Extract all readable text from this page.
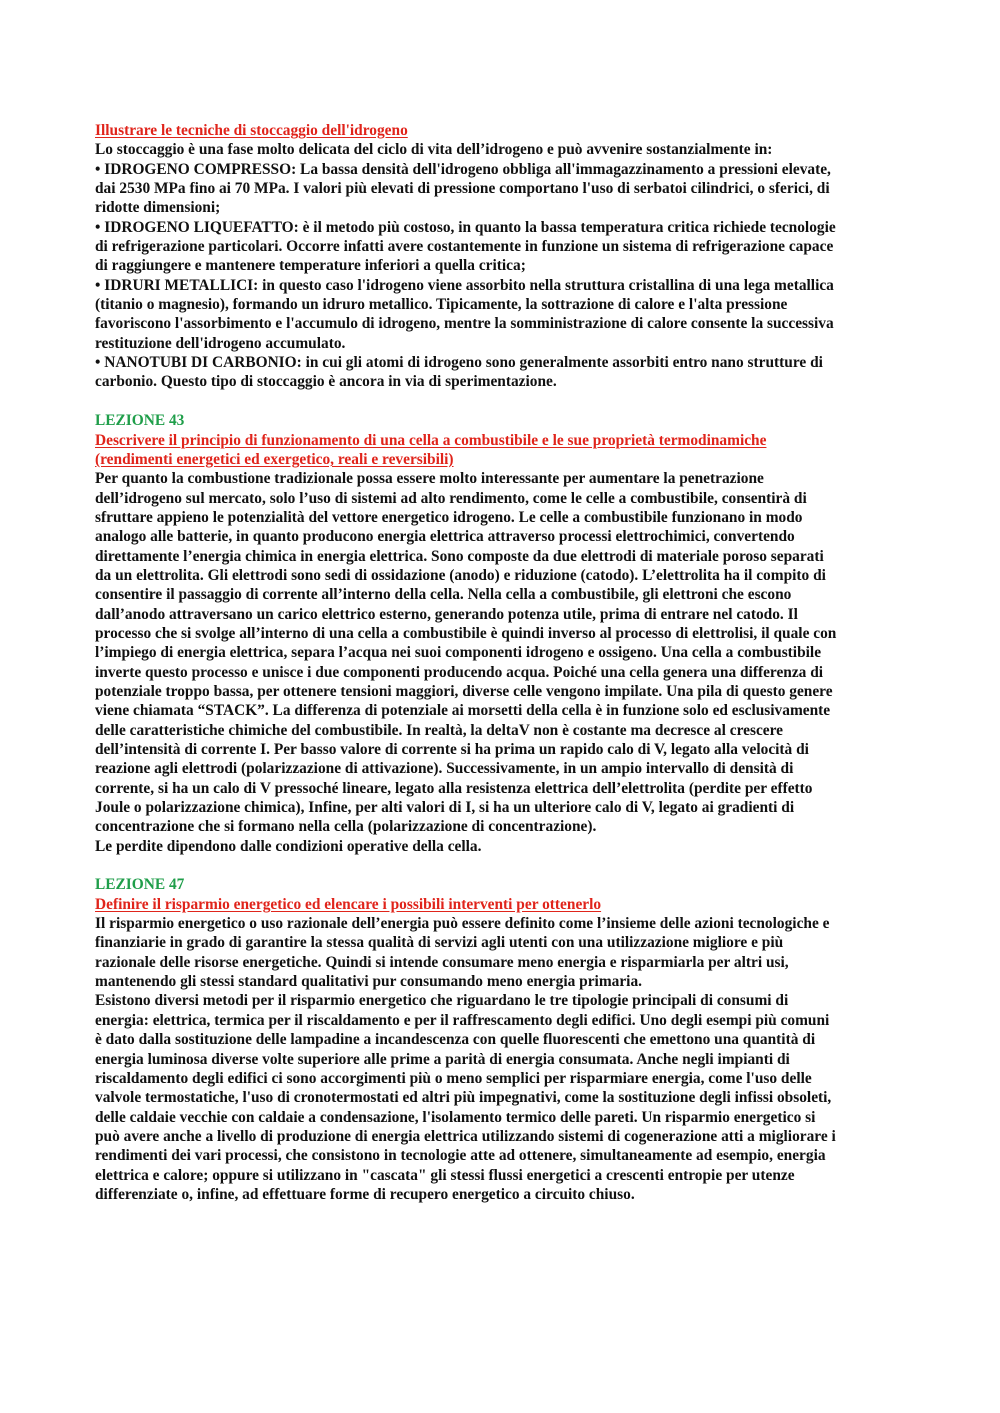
Illustrare le tecniche di stoccaggio dell'idrogeno
Lo stoccaggio è una fase molto delicata del ciclo di vita dell’idrogeno e può avvenire sostanzialmente in:
• IDROGENO COMPRESSO: La bassa densità dell'idrogeno obbliga all'immagazzinamento a pressioni elevate,
dai 2530 MPa fino ai 70 MPa. I valori più elevati di pressione comportano l'uso di serbatoi cilindrici, o sferici, di
ridotte dimensioni;
• IDROGENO LIQUEFATTO: è il metodo più costoso, in quanto la bassa temperatura critica richiede tecnologie
di refrigerazione particolari. Occorre infatti avere costantemente in funzione un sistema di refrigerazione capace
di raggiungere e mantenere temperature inferiori a quella critica;
• IDRURI METALLICI: in questo caso l'idrogeno viene assorbito nella struttura cristallina di una lega metallica
(titanio o magnesio), formando un idruro metallico. Tipicamente, la sottrazione di calore e l'alta pressione
favoriscono l'assorbimento e l'accumulo di idrogeno, mentre la somministrazione di calore consente la successiva
restituzione dell'idrogeno accumulato.
• NANOTUBI DI CARBONIO: in cui gli atomi di idrogeno sono generalmente assorbiti entro nano strutture di
carbonio. Questo tipo di stoccaggio è ancora in via di sperimentazione.
LEZIONE 43
Descrivere il principio di funzionamento di una cella a combustibile e le sue proprietà termodinamiche
(rendimenti energetici ed exergetico, reali e reversibili)
Per quanto la combustione tradizionale possa essere molto interessante per aumentare la penetrazione
dell’idrogeno sul mercato, solo l’uso di sistemi ad alto rendimento, come le celle a combustibile, consentirà di
sfruttare appieno le potenzialità del vettore energetico idrogeno. Le celle a combustibile funzionano in modo
analogo alle batterie, in quanto producono energia elettrica attraverso processi elettrochimici, convertendo
direttamente l’energia chimica in energia elettrica. Sono composte da due elettrodi di materiale poroso separati
da un elettrolita. Gli elettrodi sono sedi di ossidazione (anodo) e riduzione (catodo). L’elettrolita ha il compito di
consentire il passaggio di corrente all’interno della cella. Nella cella a combustibile, gli elettroni che escono
dall’anodo attraversano un carico elettrico esterno, generando potenza utile, prima di entrare nel catodo. Il
processo che si svolge all’interno di una cella a combustibile è quindi inverso al processo di elettrolisi, il quale con
l’impiego di energia elettrica, separa l’acqua nei suoi componenti idrogeno e ossigeno. Una cella a combustibile
inverte questo processo e unisce i due componenti producendo acqua. Poiché una cella genera una differenza di
potenziale troppo bassa, per ottenere tensioni maggiori, diverse celle vengono impilate. Una pila di questo genere
viene chiamata “STACK”. La differenza di potenziale ai morsetti della cella è in funzione solo ed esclusivamente
delle caratteristiche chimiche del combustibile. In realtà, la deltaV non è costante ma decresce al crescere
dell’intensità di corrente I. Per basso valore di corrente si ha prima un rapido calo di V, legato alla velocità di
reazione agli elettrodi (polarizzazione di attivazione). Successivamente, in un ampio intervallo di densità di
corrente, si ha un calo di V pressoché lineare, legato alla resistenza elettrica dell’elettrolita (perdite per effetto
Joule o polarizzazione chimica), Infine, per alti valori di I, si ha un ulteriore calo di V, legato ai gradienti di
concentrazione che si formano nella cella (polarizzazione di concentrazione).
Le perdite dipendono dalle condizioni operative della cella.
LEZIONE 47
Definire il risparmio energetico ed elencare i possibili interventi per ottenerlo
Il risparmio energetico o uso razionale dell’energia può essere definito come l’insieme delle azioni tecnologiche e
finanziarie in grado di garantire la stessa qualità di servizi agli utenti con una utilizzazione migliore e più
razionale delle risorse energetiche. Quindi si intende consumare meno energia e risparmiarla per altri usi,
mantenendo gli stessi standard qualitativi pur consumando meno energia primaria.
Esistono diversi metodi per il risparmio energetico che riguardano le tre tipologie principali di consumi di
energia: elettrica, termica per il riscaldamento e per il raffrescamento degli edifici. Uno degli esempi più comuni
è dato dalla sostituzione delle lampadine a incandescenza con quelle fluorescenti che emettono una quantità di
energia luminosa diverse volte superiore alle prime a parità di energia consumata. Anche negli impianti di
riscaldamento degli edifici ci sono accorgimenti più o meno semplici per risparmiare energia, come l'uso delle
valvole termostatiche, l'uso di cronotermostati ed altri più impegnativi, come la sostituzione degli infissi obsoleti,
delle caldaie vecchie con caldaie a condensazione, l'isolamento termico delle pareti. Un risparmio energetico si
può avere anche a livello di produzione di energia elettrica utilizzando sistemi di cogenerazione atti a migliorare i
rendimenti dei vari processi, che consistono in tecnologie atte ad ottenere, simultaneamente ad esempio, energia
elettrica e calore; oppure si utilizzano in "cascata" gli stessi flussi energetici a crescenti entropie per utenze
differenziate o, infine, ad effettuare forme di recupero energetico a circuito chiuso.
